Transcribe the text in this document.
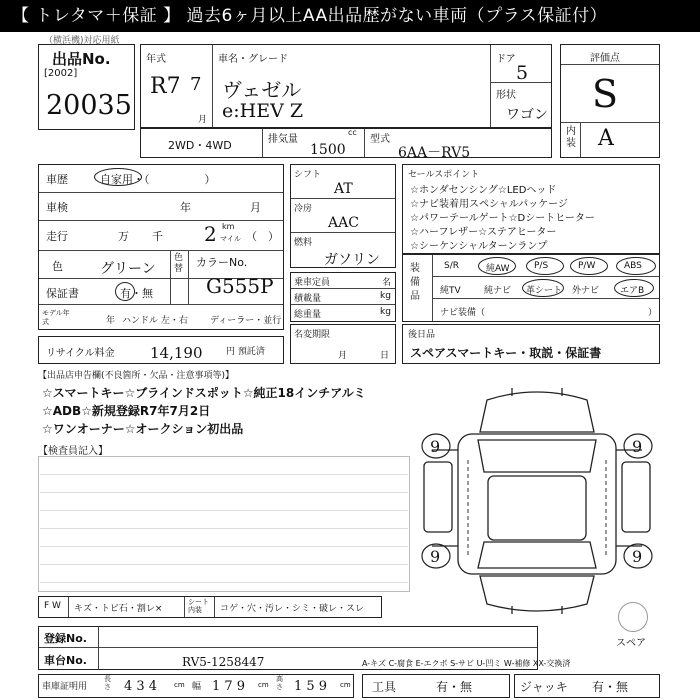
【 トレタマ＋保証 】 過去6ヶ月以上AA出品歴がない車両（プラス保証付）
（横浜機)対応用紙
出品No.
[2002]
20035
年式
R7 7
月
車名・グレード
ヴェゼル
e:HEV Z
ドア
5
形状
ワゴン
評価点
S
内装 A
2WD・4WD	排気量
cc
1500
型式
6AA－RV5
車歴	自家用・（　　　　　）
車検	年	月
走行	万 千 2 km
マイル （　）
色	グリーン
色替 カラーNo.
G555P
保証書	有・無
モデル年式	年 ハンドル 左・右 ディーラー・並行
リサイクル料金 14,190	円 預託済
シフト
AT
冷房
AAC
燃料
ガソリン
乗車定員	名
積載量	kg
総重量	kg
名変期限
月	日
セールスポイント
☆ホンダセンシング☆LEDヘッド
☆ナビ装着用スペシャルパッケージ
☆パワーテールゲート☆Dシートヒーター
☆ハーフレザー☆ステアヒーター
☆シーケンシャルターンランプ
装備品
S/R	純AW	P/S	P/W	ABS
純TV	純ナビ 革シート 外ナビ エアB
ナビ装備（	）
後日品
スペアスマートキー・取説・保証書
【出品店申告欄(不良箇所・欠品・注意事項等)】
☆スマートキー☆ブラインドスポット☆純正18インチアルミ
☆ADB☆新規登録R7年7月2日
☆ワンオーナー☆オークション初出品
【検査員記入】	9	9
9	9
スペア
F W キズ・トビ石・割レ×
シート内装	コゲ・穴・汚レ・シミ・破レ・スレ
登録No.
車台No.	RV5-1258447	A-キズ C-腐食 E-エクボ S-サビ U-凹ミ W-補修 XX-交換済
車庫証明用
長さ 4 3 4 cm 幅 1 7 9 cm
高さ 1 5 9 cm 工具	有・無	ジャッキ 有・無
